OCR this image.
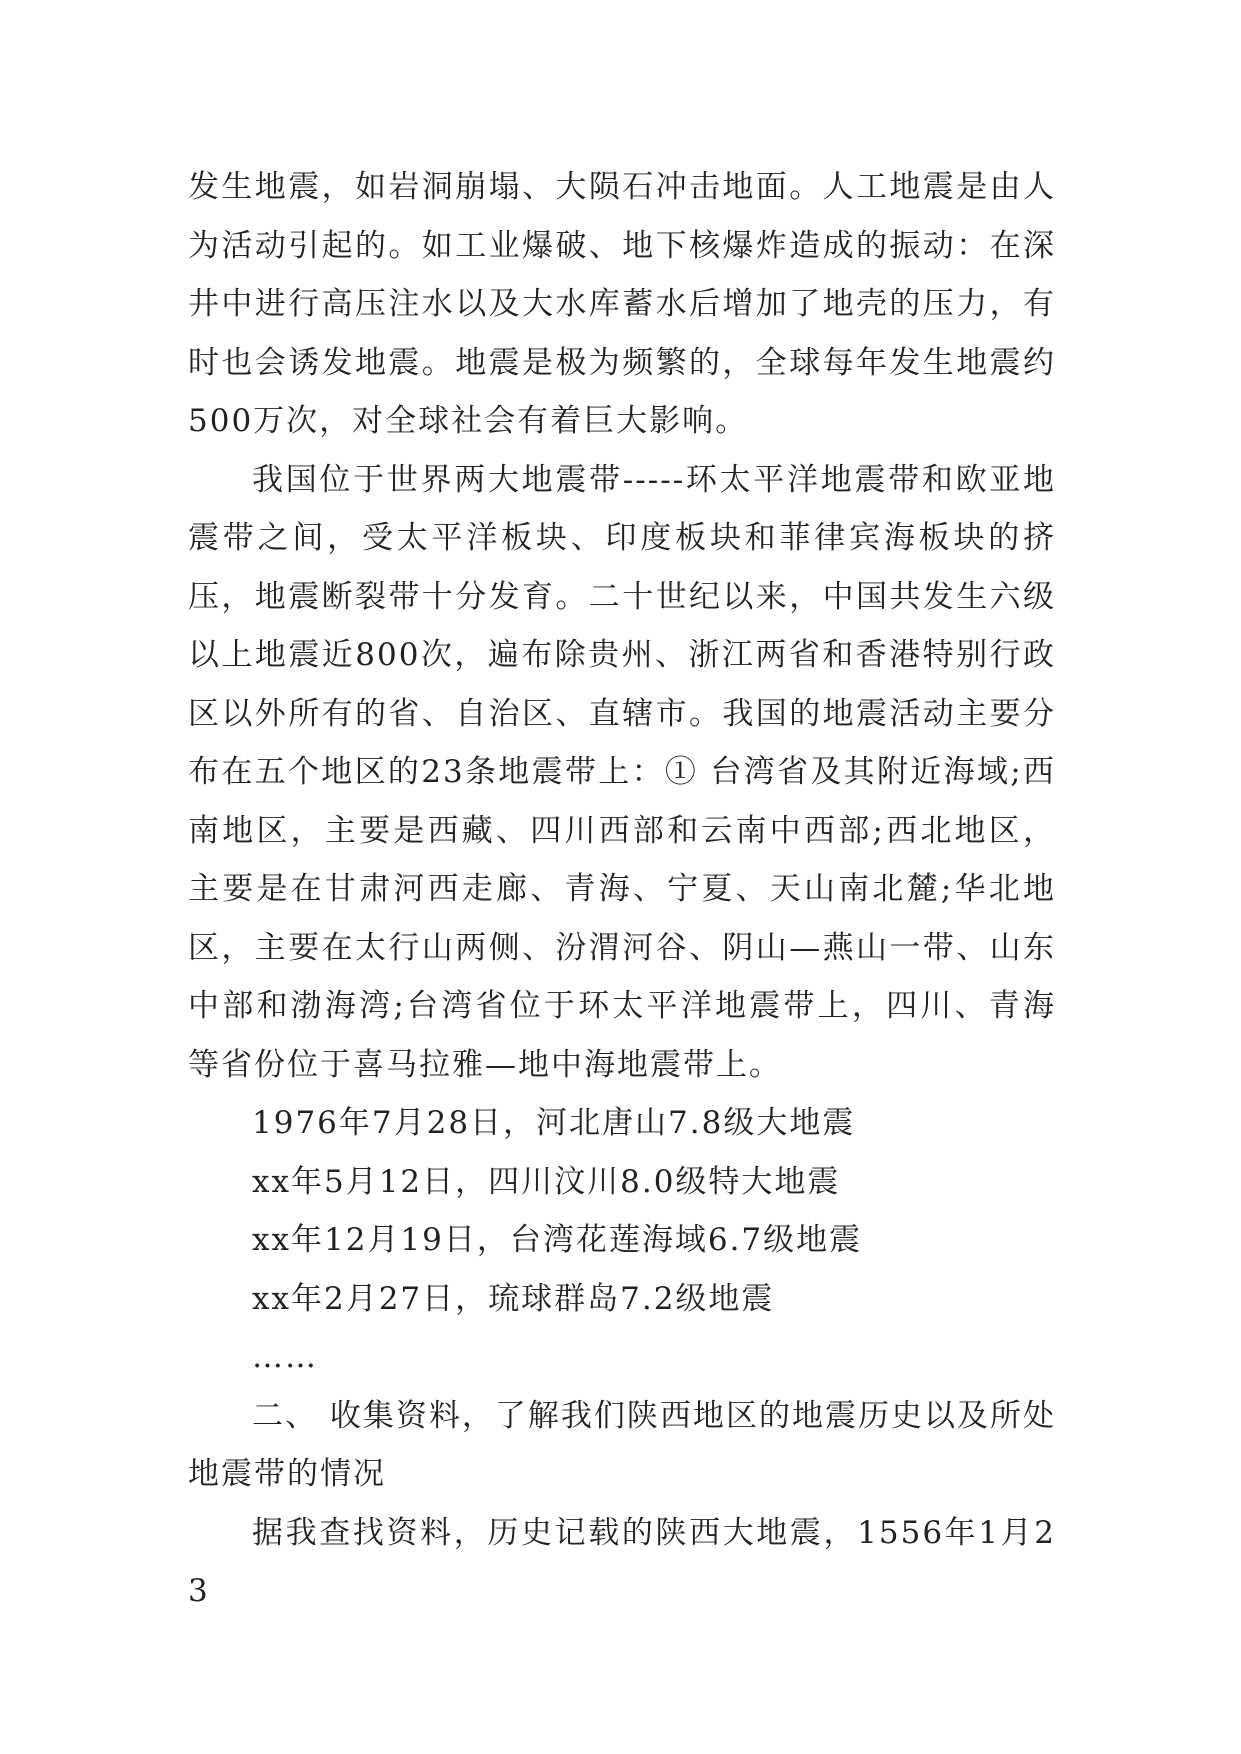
发生地震，如岩洞崩塌、大陨石冲击地面。人工地震是由人为活动引起的。如工业爆破、地下核爆炸造成的振动：在深井中进行高压注水以及大水库蓄水后增加了地壳的压力，有时也会诱发地震。地震是极为频繁的，全球每年发生地震约500万次，对全球社会有着巨大影响。

我国位于世界两大地震带-----环太平洋地震带和欧亚地震带之间，受太平洋板块、印度板块和菲律宾海板块的挤压，地震断裂带十分发育。二十世纪以来，中国共发生六级以上地震近800次，遍布除贵州、浙江两省和香港特别行政区以外所有的省、自治区、直辖市。我国的地震活动主要分布在五个地区的23条地震带上：① 台湾省及其附近海域;西南地区，主要是西藏、四川西部和云南中西部;西北地区，主要是在甘肃河西走廊、青海、宁夏、天山南北麓;华北地区，主要在太行山两侧、汾渭河谷、阴山—燕山一带、山东中部和渤海湾;台湾省位于环太平洋地震带上，四川、青海等省份位于喜马拉雅—地中海地震带上。

1976年7月28日，河北唐山7.8级大地震

xx年5月12日，四川汶川8.0级特大地震

xx年12月19日，台湾花莲海域6.7级地震

xx年2月27日，琉球群岛7.2级地震

……

二、 收集资料，了解我们陕西地区的地震历史以及所处地震带的情况

据我查找资料，历史记载的陕西大地震，1556年1月23
